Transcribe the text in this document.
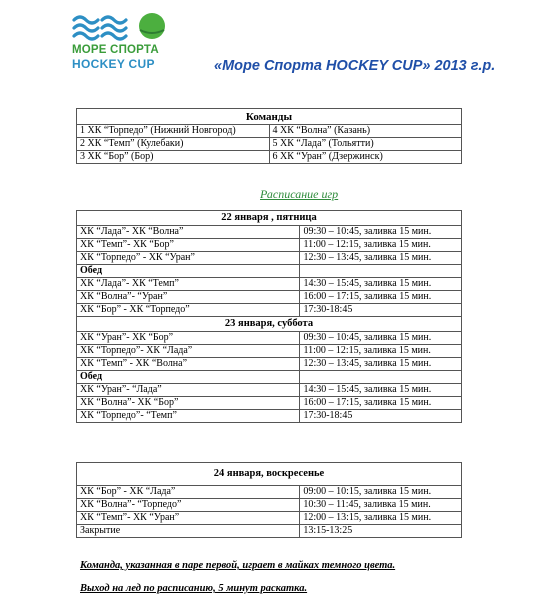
МОРЕ СПОРТА
HOCKEY CUP	«Море Спорта HOCKEY CUP» 2013 г.р.
Команды	
1 ХК “Торпедо” (Нижний Новгород)	4 ХК “Волна” (Казань)
2 ХК “Темп” (Кулебаки)	5 ХК “Лада” (Тольятти)
3 ХК “Бор” (Бор)	6 ХК “Уран” (Дзержинск)
Расписание игр
22 января , пятница	
ХК “Лада”- ХК “Волна”	09:30 – 10:45, заливка 15 мин.
ХК “Темп”- ХК “Бор”	11:00 – 12:15, заливка 15 мин.
ХК “Торпедо” - ХК “Уран”	12:30 – 13:45, заливка 15 мин.
Обед	
ХК “Лада”- ХК “Темп”	14:30 – 15:45, заливка 15 мин.
ХК “Волна”- “Уран”	16:00 – 17:15, заливка 15 мин.
ХК “Бор” - ХК “Торпедо”	17:30-18:45
23 января, суббота	
ХК “Уран”- ХК “Бор”	09:30 – 10:45, заливка 15 мин.
ХК “Торпедо”- ХК “Лада”	11:00 – 12:15, заливка 15 мин.
ХК “Темп” - ХК “Волна”	12:30 – 13:45, заливка 15 мин.
Обед	
ХК “Уран”- “Лада”	14:30 – 15:45, заливка 15 мин.
ХК “Волна”- ХК “Бор”	16:00 – 17:15, заливка 15 мин.
ХК “Торпедо”- “Темп”	17:30-18:45
24 января, воскресенье	
ХК “Бор” - ХК “Лада”	09:00 – 10:15, заливка 15 мин.
ХК “Волна”- “Торпедо”	10:30 – 11:45, заливка 15 мин.
ХК “Темп”- ХК “Уран”	12:00 – 13:15, заливка 15 мин.
Закрытие	13:15-13:25
Команда, указанная в паре первой, играет в майках темного цвета.
Выход на лед по расписанию, 5 минут раскатка.
